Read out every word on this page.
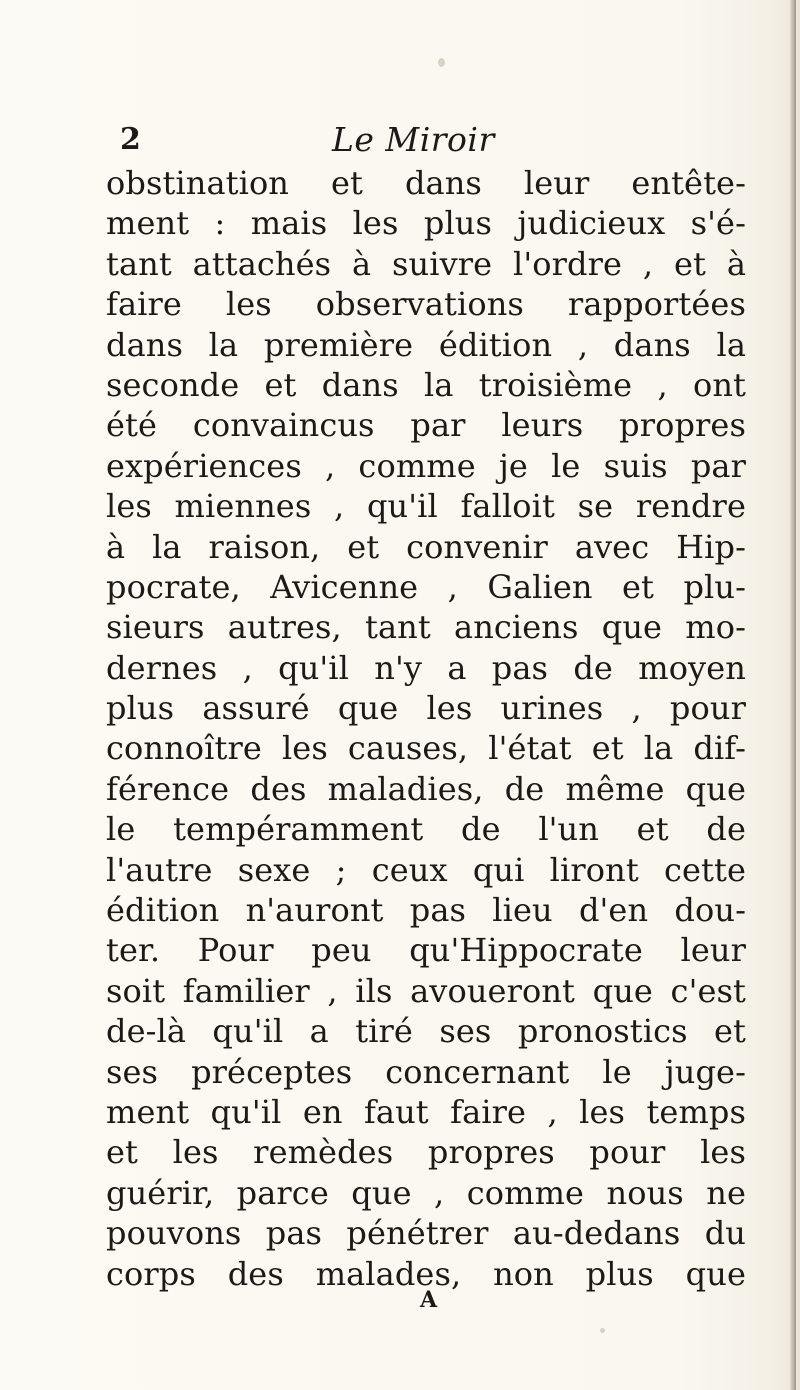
2	Le Miroir
obstination et dans leur entête-
ment : mais les plus judicieux s'é-
tant attachés à suivre l'ordre , et à
faire les observations rapportées
dans la première édition , dans la
seconde et dans la troisième , ont
été convaincus par leurs propres
expériences , comme je le suis par
les miennes , qu'il falloit se rendre
à la raison, et convenir avec Hip-
pocrate, Avicenne , Galien et plu-
sieurs autres, tant anciens que mo-
dernes , qu'il n'y a pas de moyen
plus assuré que les urines , pour
connoître les causes, l'état et la dif-
férence des maladies, de même que
le tempéramment de l'un et de
l'autre sexe ; ceux qui liront cette
édition n'auront pas lieu d'en dou-
ter. Pour peu qu'Hippocrate leur
soit familier , ils avoueront que c'est
de-là qu'il a tiré ses pronostics et
ses préceptes concernant le juge-
ment qu'il en faut faire , les temps
et les remèdes propres pour les
guérir, parce que , comme nous ne
pouvons pas pénétrer au-dedans du
corps des malades, non plus que
A
